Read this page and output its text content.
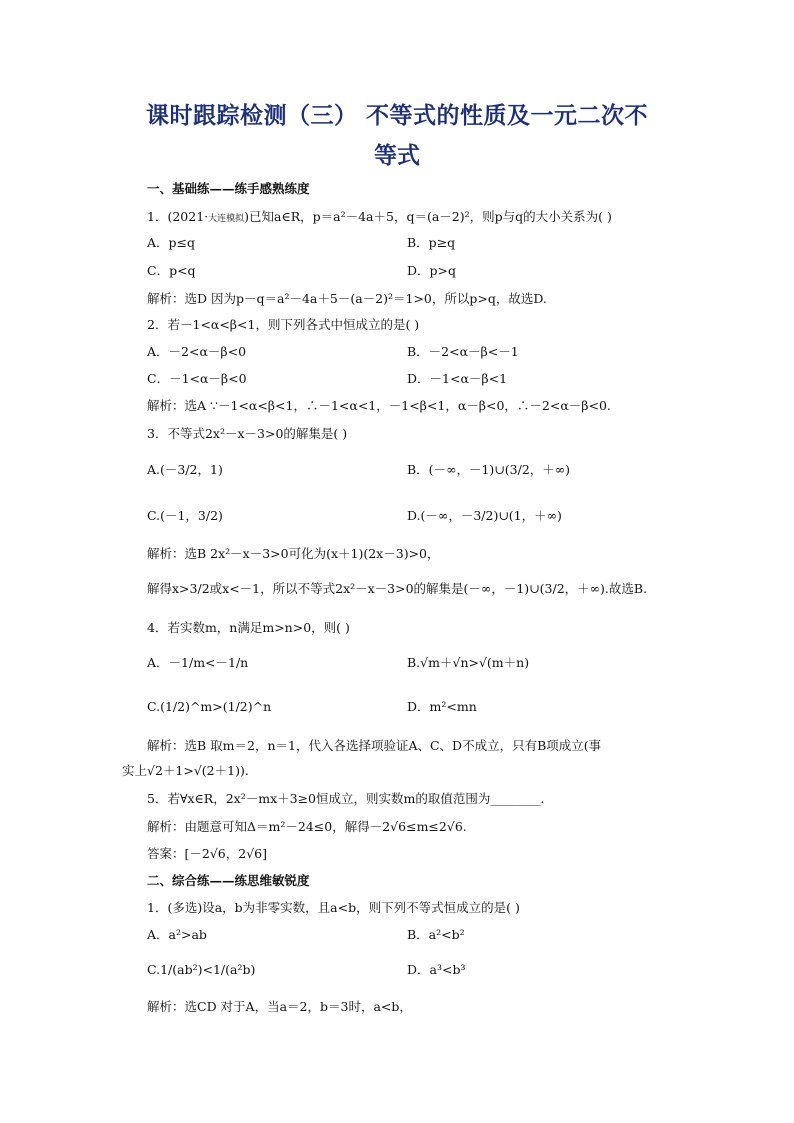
课时跟踪检测（三） 不等式的性质及一元二次不
等式
一、基础练——练手感熟练度
1．(2021·大连模拟)已知a∈R，p＝a²－4a＋5，q＝(a－2)²，则p与q的大小关系为( )
A．p≤q	B．p≥q
C．p<q	D．p>q
解析：选D 因为p－q＝a²－4a＋5－(a－2)²＝1>0，所以p>q，故选D.
2．若－1<α<β<1，则下列各式中恒成立的是( )
A．－2<α－β<0	B．－2<α－β<－1
C．－1<α－β<0	D．－1<α－β<1
解析：选A ∵－1<α<β<1，∴－1<α<1，－1<β<1，α－β<0，∴－2<α－β<0.
3．不等式2x²－x－3>0的解集是( )
A.(－3/2，1)	B．(－∞，－1)∪(3/2，＋∞)
C.(－1，3/2)	D.(－∞，－3/2)∪(1，＋∞)
解析：选B 2x²－x－3>0可化为(x＋1)(2x－3)>0，
解得x>3/2或x<－1，所以不等式2x²－x－3>0的解集是(－∞，－1)∪(3/2，＋∞).故选B.
4．若实数m，n满足m>n>0，则( )
A．－1/m<－1/n	B.√m＋√n>√(m＋n)
C.(1/2)^m>(1/2)^n	D．m²<mn
解析：选B 取m＝2，n＝1，代入各选择项验证A、C、D不成立，只有B项成立(事
实上√2＋1>√(2＋1)).
5．若∀x∈R，2x²－mx＋3≥0恒成立，则实数m的取值范围为________.
解析：由题意可知Δ＝m²－24≤0，解得－2√6≤m≤2√6.
答案：[－2√6，2√6]
二、综合练——练思维敏锐度
1．(多选)设a，b为非零实数，且a<b，则下列不等式恒成立的是( )
A．a²>ab	B．a²<b²
C.1/(ab²)<1/(a²b)	D．a³<b³
解析：选CD 对于A，当a＝2，b＝3时，a<b，
